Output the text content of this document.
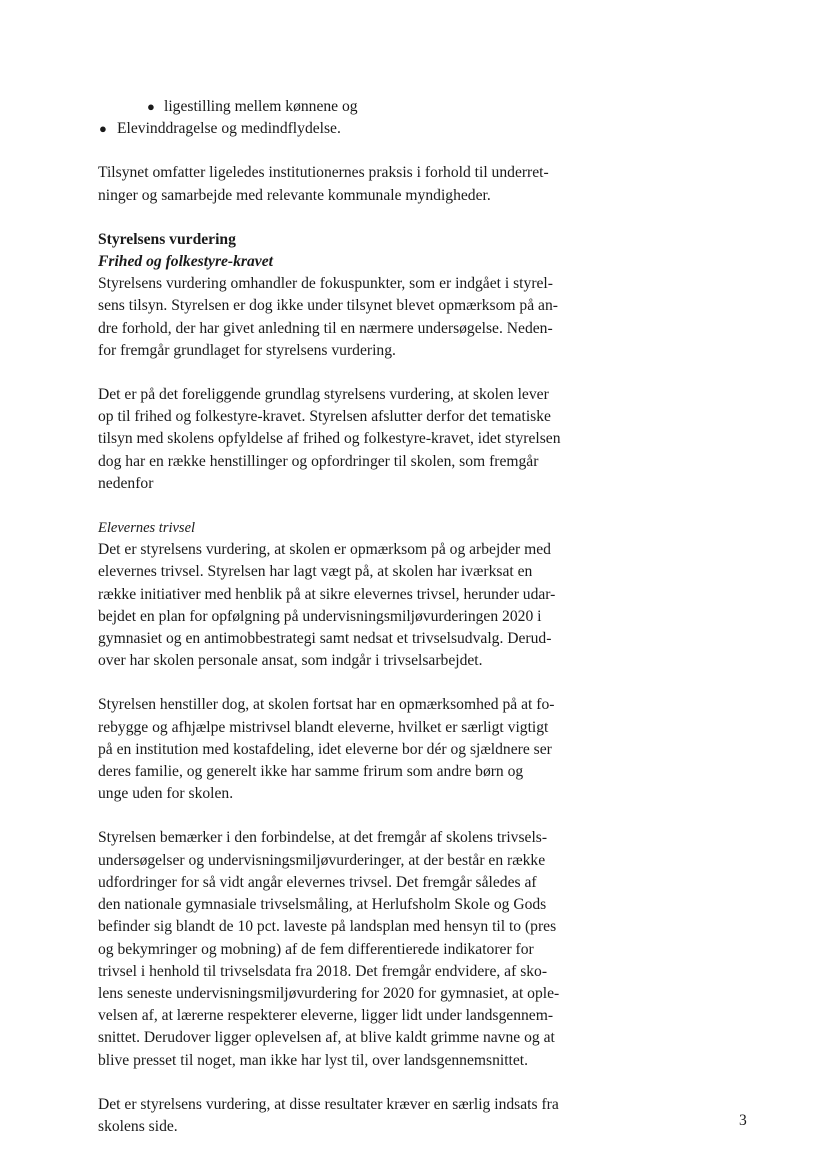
● ligestilling mellem kønnene og
● Elevinddragelse og medindflydelse.

Tilsynet omfatter ligeledes institutionernes praksis i forhold til underret-
ninger og samarbejde med relevante kommunale myndigheder.

Styrelsens vurdering

Frihed og folkestyre-kravet

Styrelsens vurdering omhandler de fokuspunkter, som er indgået i styrel-
sens tilsyn. Styrelsen er dog ikke under tilsynet blevet opmærksom på an-
dre forhold, der har givet anledning til en nærmere undersøgelse. Neden-
for fremgår grundlaget for styrelsens vurdering.

Det er på det foreliggende grundlag styrelsens vurdering, at skolen lever
op til frihed og folkestyre-kravet. Styrelsen afslutter derfor det tematiske
tilsyn med skolens opfyldelse af frihed og folkestyre-kravet, idet styrelsen
dog har en række henstillinger og opfordringer til skolen, som fremgår
nedenfor

Elevernes trivsel

Det er styrelsens vurdering, at skolen er opmærksom på og arbejder med
elevernes trivsel. Styrelsen har lagt vægt på, at skolen har iværksat en
række initiativer med henblik på at sikre elevernes trivsel, herunder udar-
bejdet en plan for opfølgning på undervisningsmiljøvurderingen 2020 i
gymnasiet og en antimobbestrategi samt nedsat et trivselsudvalg. Derud-
over har skolen personale ansat, som indgår i trivselsarbejdet.

Styrelsen henstiller dog, at skolen fortsat har en opmærksomhed på at fo-
rebygge og afhjælpe mistrivsel blandt eleverne, hvilket er særligt vigtigt
på en institution med kostafdeling, idet eleverne bor dér og sjældnere ser
deres familie, og generelt ikke har samme frirum som andre børn og
unge uden for skolen.

Styrelsen bemærker i den forbindelse, at det fremgår af skolens trivsels-
undersøgelser og undervisningsmiljøvurderinger, at der består en række
udfordringer for så vidt angår elevernes trivsel. Det fremgår således af
den nationale gymnasiale trivselsmåling, at Herlufsholm Skole og Gods
befinder sig blandt de 10 pct. laveste på landsplan med hensyn til to (pres
og bekymringer og mobning) af de fem differentierede indikatorer for
trivsel i henhold til trivselsdata fra 2018. Det fremgår endvidere, af sko-
lens seneste undervisningsmiljøvurdering for 2020 for gymnasiet, at ople-
velsen af, at lærerne respekterer eleverne, ligger lidt under landsgennem-
snittet. Derudover ligger oplevelsen af, at blive kaldt grimme navne og at
blive presset til noget, man ikke har lyst til, over landsgennemsnittet.

Det er styrelsens vurdering, at disse resultater kræver en særlig indsats fra
skolens side.	3
